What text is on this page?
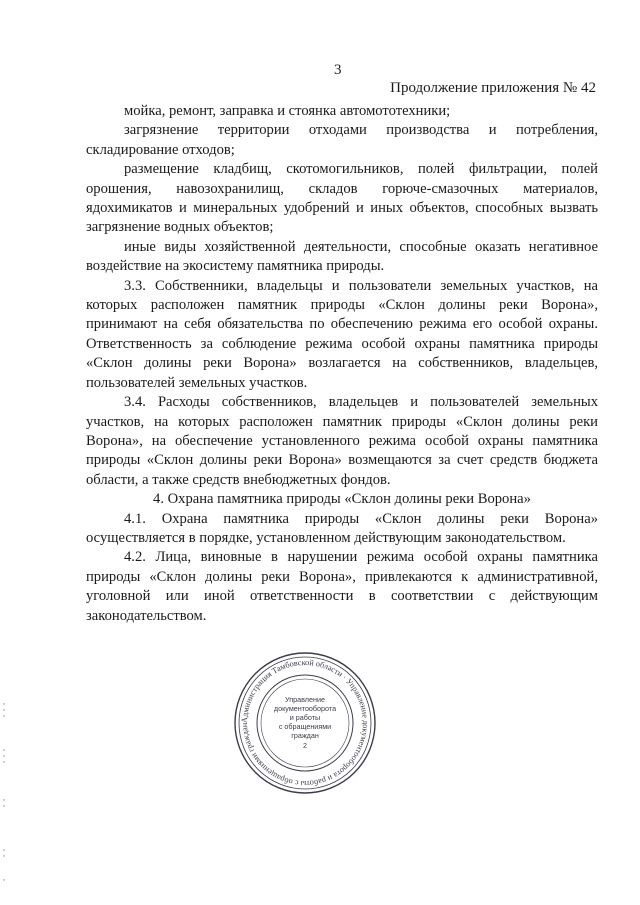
3
Продолжение приложения № 42

мойка, ремонт, заправка и стоянка автомототехники;

загрязнение территории отходами производства и потребления, складирование отходов;

размещение кладбищ, скотомогильников, полей фильтрации, полей орошения, навозохранилищ, складов горюче-смазочных материалов, ядохимикатов и минеральных удобрений и иных объектов, способных вызвать загрязнение водных объектов;

иные виды хозяйственной деятельности, способные оказать негативное воздействие на экосистему памятника природы.

3.3. Собственники, владельцы и пользователи земельных участков, на которых расположен памятник природы «Склон долины реки Ворона», принимают на себя обязательства по обеспечению режима его особой охраны. Ответственность за соблюдение режима особой охраны памятника природы «Склон долины реки Ворона» возлагается на собственников, владельцев, пользователей земельных участков.

3.4. Расходы собственников, владельцев и пользователей земельных участков, на которых расположен памятник природы «Склон долины реки Ворона», на обеспечение установленного режима особой охраны памятника природы «Склон долины реки Ворона» возмещаются за счет средств бюджета области, а также средств внебюджетных фондов.

4. Охрана памятника природы «Склон долины реки Ворона»

4.1. Охрана памятника природы «Склон долины реки Ворона» осуществляется в порядке, установленном действующим законодательством.

4.2. Лица, виновные в нарушении режима особой охраны памятника природы «Склон долины реки Ворона», привлекаются к административной, уголовной или иной ответственности в соответствии с действующим законодательством.

Администрация Тамбовской области · Управление документооборота и работы с обращениями граждан
Управление
документооборота
и работы
с обращениями
граждан
2
